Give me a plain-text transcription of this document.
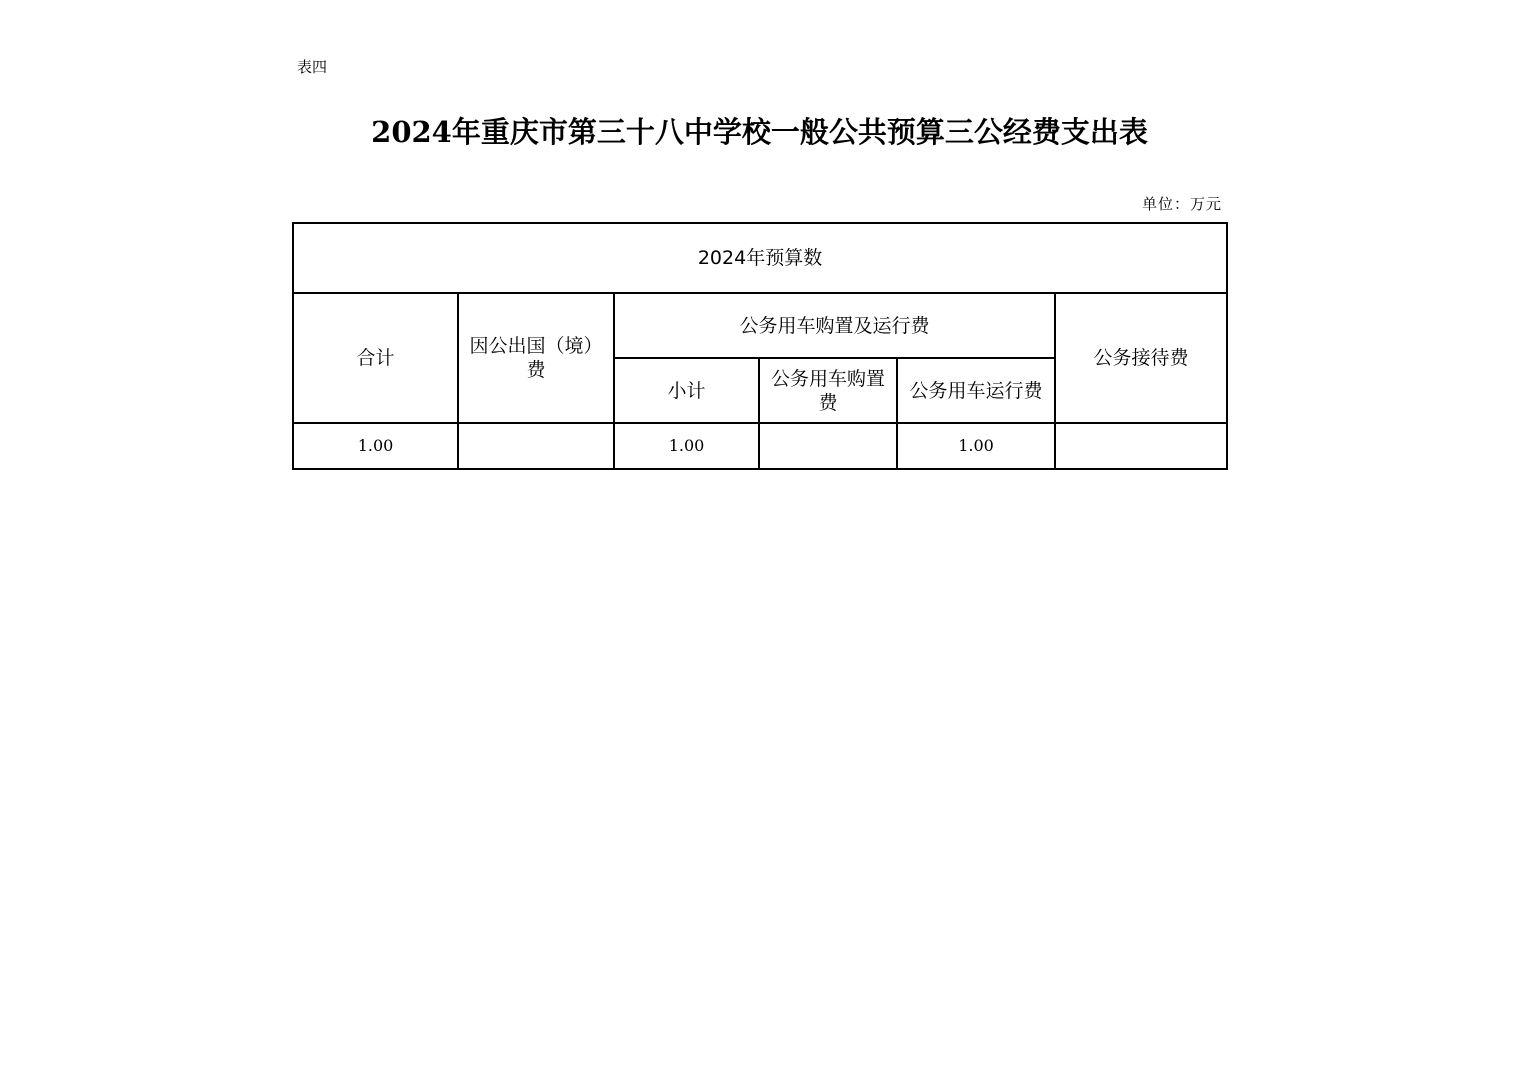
表四
2024年重庆市第三十八中学校一般公共预算三公经费支出表
单位：万元
2024年预算数					
合计	因公出国（境）费	公务用车购置及运行费			公务接待费
		小计	公务用车购置费	公务用车运行费	
1.00		1.00		1.00	
